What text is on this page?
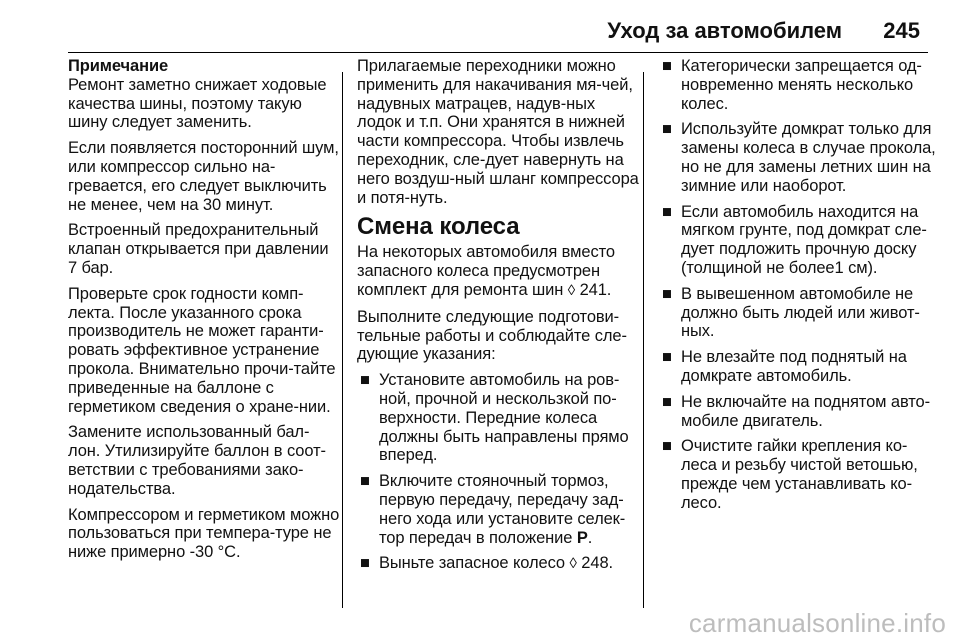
Уход за автомобилем 245
Примечание

Ремонт заметно снижает ходовые качества шины, поэтому такую шину следует заменить.

Если появляется посторонний шум, или компрессор сильно на-гревается, его следует выключить не менее, чем на 30 минут.

Встроенный предохранительный клапан открывается при давлении 7 бар.

Проверьте срок годности комп-лекта. После указанного срока производитель не может гаранти-ровать эффективное устранение прокола. Внимательно прочи-тайте приведенные на баллоне с герметиком сведения о хране-нии.

Замените использованный бал-лон. Утилизируйте баллон в соот-ветствии с требованиями зако-нодательства.

Компрессором и герметиком можно пользоваться при темпера-туре не ниже примерно -30 °С.

Прилагаемые переходники можно применить для накачивания мя-чей, надувных матрацев, надув-ных лодок и т.п. Они хранятся в нижней части компрессора. Чтобы извлечь переходник, сле-дует навернуть на него воздуш-ный шланг компрессора и потя-нуть.

Смена колеса

На некоторых автомобиля вместо запасного колеса предусмотрен комплект для ремонта шин ◊ 241.

Выполните следующие подготови-тельные работы и соблюдайте сле-дующие указания:

■ Установите автомобиль на ров-ной, прочной и нескользкой по-верхности. Передние колеса должны быть направлены прямо вперед.
■ Включите стояночный тормоз, первую передачу, передачу зад-него хода или установите селек-тор передач в положение P.
■ Выньте запасное колесо ◊ 248.
■ Категорически запрещается од-новременно менять несколько колес.
■ Используйте домкрат только для замены колеса в случае прокола, но не для замены летних шин на зимние или наоборот.
■ Если автомобиль находится на мягком грунте, под домкрат сле-дует подложить прочную доску (толщиной не более1 см).
■ В вывешенном автомобиле не должно быть людей или живот-ных.
■ Не влезайте под поднятый на домкрате автомобиль.
■ Не включайте на поднятом авто-мобиле двигатель.
■ Очистите гайки крепления ко-леса и резьбу чистой ветошью, прежде чем устанавливать ко-лесо.
carmanualsonline.info
